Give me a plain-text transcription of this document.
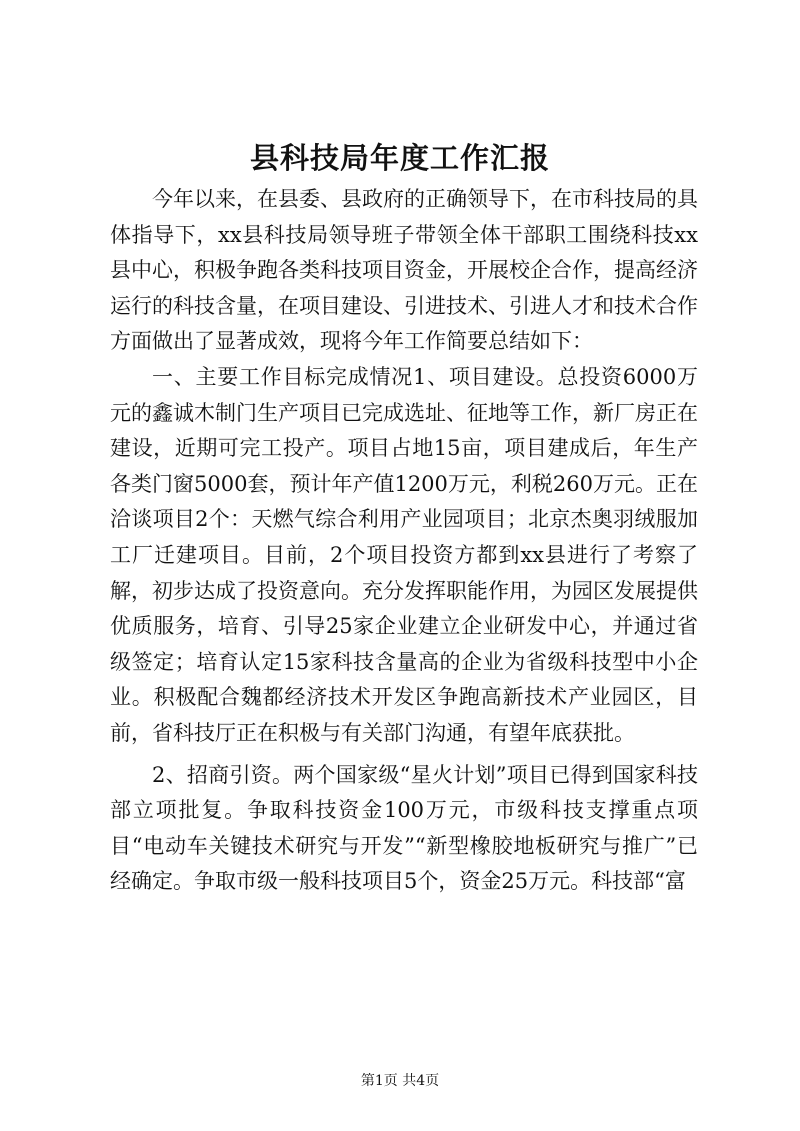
县科技局年度工作汇报

今年以来，在县委、县政府的正确领导下，在市科技局的具体指导下，xx县科技局领导班子带领全体干部职工围绕科技xx县中心，积极争跑各类科技项目资金，开展校企合作，提高经济运行的科技含量，在项目建设、引进技术、引进人才和技术合作方面做出了显著成效，现将今年工作简要总结如下：

一、主要工作目标完成情况1、项目建设。总投资6000万元的鑫诚木制门生产项目已完成选址、征地等工作，新厂房正在建设，近期可完工投产。项目占地15亩，项目建成后，年生产各类门窗5000套，预计年产值1200万元，利税260万元。正在洽谈项目2个：天燃气综合利用产业园项目；北京杰奥羽绒服加工厂迁建项目。目前，2个项目投资方都到xx县进行了考察了解，初步达成了投资意向。充分发挥职能作用，为园区发展提供优质服务，培育、引导25家企业建立企业研发中心，并通过省级签定；培育认定15家科技含量高的企业为省级科技型中小企业。积极配合魏都经济技术开发区争跑高新技术产业园区，目前，省科技厅正在积极与有关部门沟通，有望年底获批。

2、招商引资。两个国家级“星火计划”项目已得到国家科技部立项批复。争取科技资金100万元，市级科技支撑重点项目“电动车关键技术研究与开发”“新型橡胶地板研究与推广”已经确定。争取市级一般科技项目5个，资金25万元。科技部“富

第1页 共4页
